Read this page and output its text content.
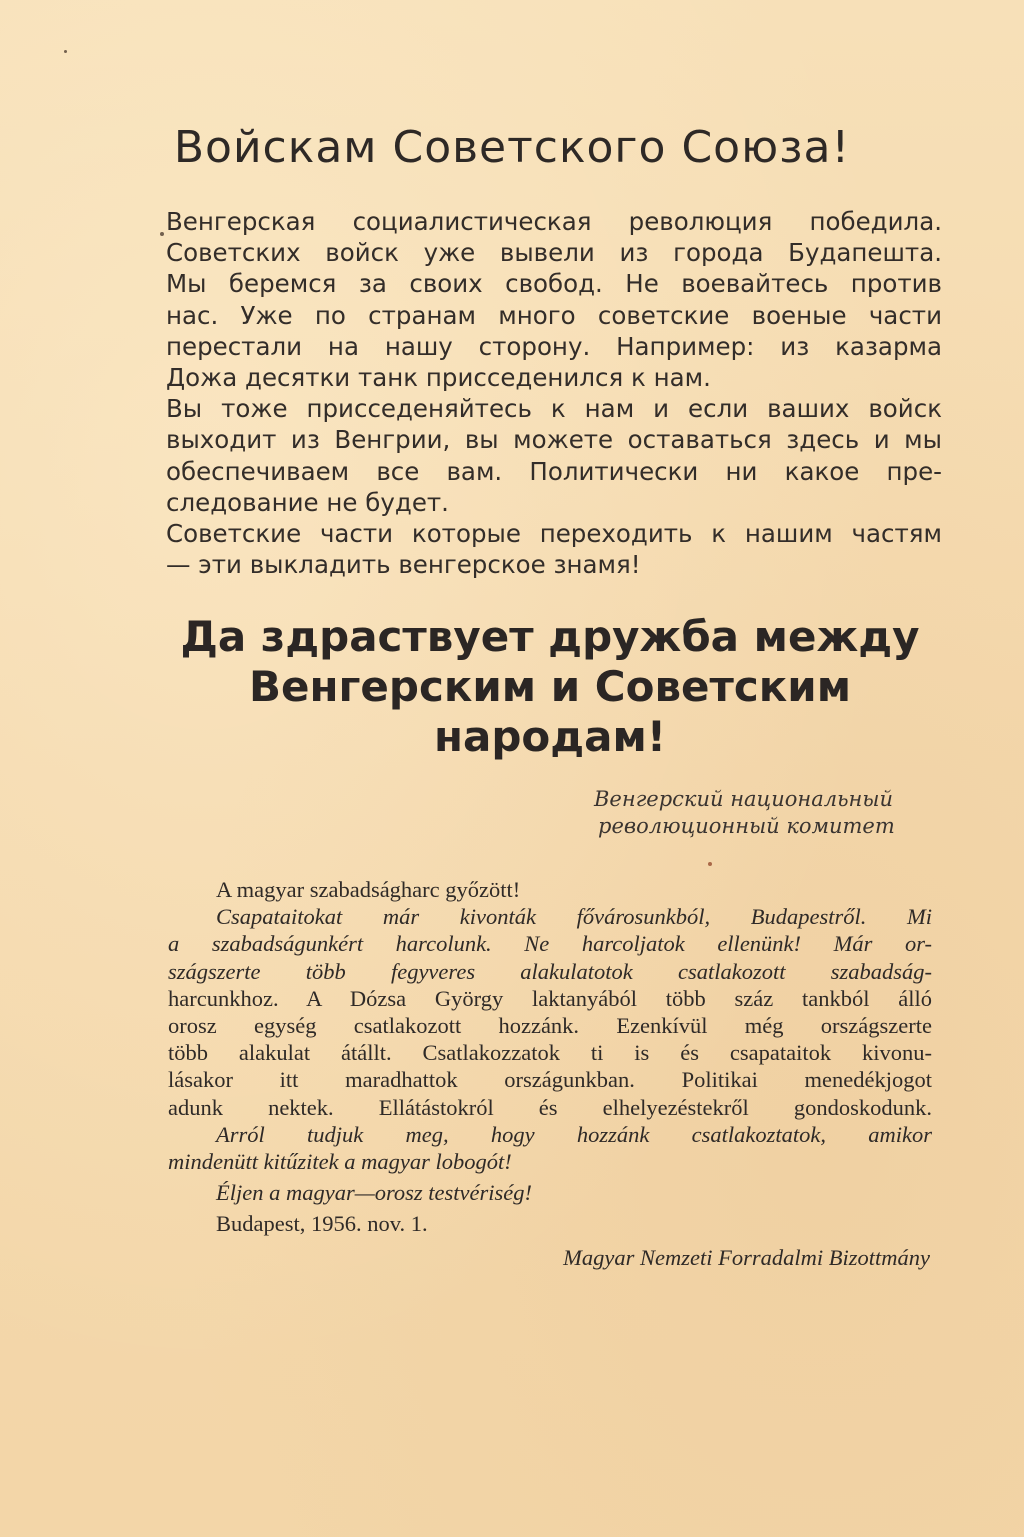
Войскам Советского Союза!

Венгерская социалистическая революция победила.

Советских войск уже вывели из города Будапешта.

Мы беремся за своих свобод. Не воевайтесь против

нас. Уже по странам много советские военые части

перестали на нашу сторону. Например: из казарма

Дожа десятки танк присседенился к нам.

Вы тоже присседеняйтесь к нам и если ваших войск

выходит из Венгрии, вы можете оставаться здесь и мы

обеспечиваем все вам. Политически ни какое пре-

следование не будет.

Советские части которые переходить к нашим частям

— эти выкладить венгерское знамя!

Да здраствует дружба между
Венгерским и Советским
народам!
Венгерский национальный
революционный комитет
A magyar szabadságharc győzött!
Csapataitokat már kivonták fővárosunkból, Budapestről. Mi
a szabadságunkért harcolunk. Ne harcoljatok ellenünk! Már or-
szágszerte több fegyveres alakulatotok csatlakozott szabadság-
harcunkhoz. A Dózsa György laktanyából több száz tankból álló
orosz egység csatlakozott hozzánk. Ezenkívül még országszerte
több alakulat átállt. Csatlakozzatok ti is és csapataitok kivonu-
lásakor itt maradhattok országunkban. Politikai menedékjogot
adunk nektek. Ellátástokról és elhelyezéstekről gondoskodunk.
Arról tudjuk meg, hogy hozzánk csatlakoztatok, amikor
mindenütt kitűzitek a magyar lobogót!
Éljen a magyar—orosz testvériség!
Budapest, 1956. nov. 1.
Magyar Nemzeti Forradalmi Bizottmány
